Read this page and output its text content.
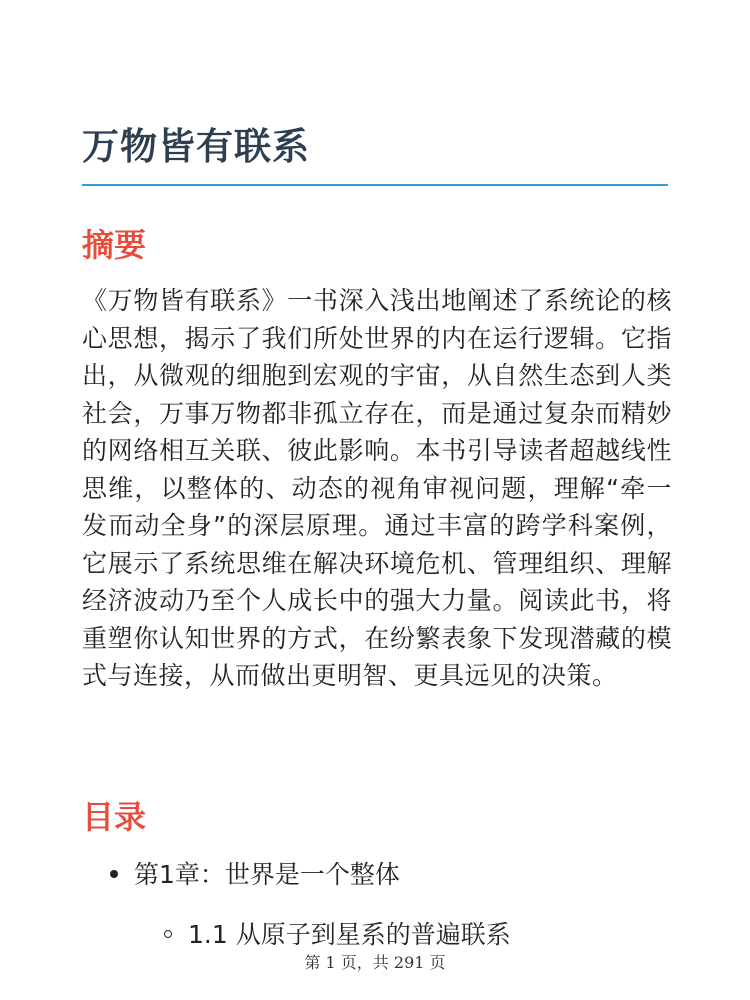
万物皆有联系
摘要

《万物皆有联系》一书深入浅出地阐述了系统论的核心思想，揭示了我们所处世界的内在运行逻辑。它指出，从微观的细胞到宏观的宇宙，从自然生态到人类社会，万事万物都非孤立存在，而是通过复杂而精妙的网络相互关联、彼此影响。本书引导读者超越线性思维，以整体的、动态的视角审视问题，理解“牵一发而动全身”的深层原理。通过丰富的跨学科案例，它展示了系统思维在解决环境危机、管理组织、理解经济波动乃至个人成长中的强大力量。阅读此书，将重塑你认知世界的方式，在纷繁表象下发现潜藏的模式与连接，从而做出更明智、更具远见的决策。

目录
第1章：世界是一个整体
1.1 从原子到星系的普遍联系
第 1 页，共 291 页
